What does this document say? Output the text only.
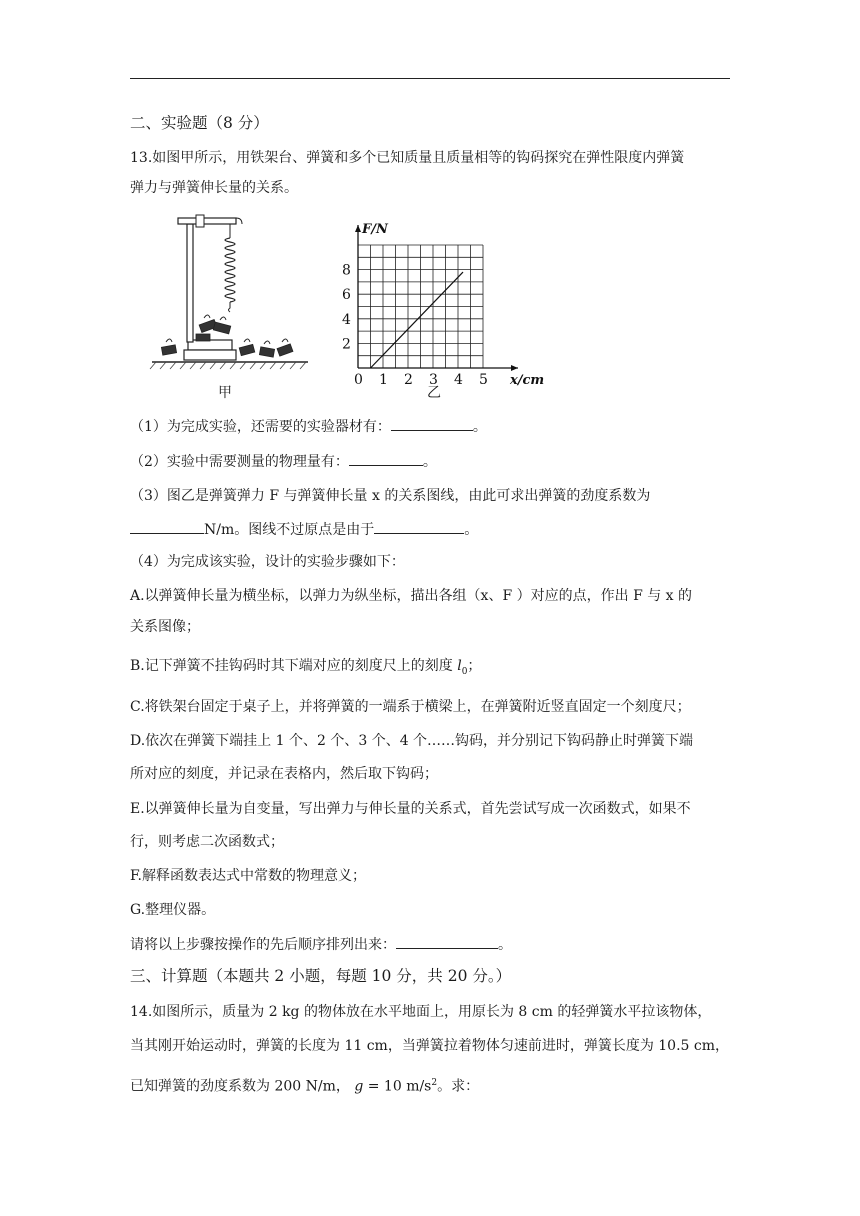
二、实验题（8 分）
13.如图甲所示，用铁架台、弹簧和多个已知质量且质量相等的钩码探究在弹性限度内弹簧
弹力与弹簧伸长量的关系。
甲
0 1 2 3 4 5
2
4
6
8
x/cm
F/N
乙
（1）为完成实验，还需要的实验器材有：	。
（2）实验中需要测量的物理量有：	。
（3）图乙是弹簧弹力 F 与弹簧伸长量 x 的关系图线，由此可求出弹簧的劲度系数为
N/m。图线不过原点是由于	。
（4）为完成该实验，设计的实验步骤如下：
A.以弹簧伸长量为横坐标，以弹力为纵坐标，描出各组（x、F ）对应的点，作出 F 与 x 的
关系图像；
B.记下弹簧不挂钩码时其下端对应的刻度尺上的刻度 $l_0$；
C.将铁架台固定于桌子上，并将弹簧的一端系于横梁上，在弹簧附近竖直固定一个刻度尺；
D.依次在弹簧下端挂上 1 个、2 个、3 个、4 个……钩码，并分别记下钩码静止时弹簧下端
所对应的刻度，并记录在表格内，然后取下钩码；
E.以弹簧伸长量为自变量，写出弹力与伸长量的关系式，首先尝试写成一次函数式，如果不
行，则考虑二次函数式；
F.解释函数表达式中常数的物理意义；
G.整理仪器。
请将以上步骤按操作的先后顺序排列出来：	。
三、计算题（本题共 2 小题，每题 10 分，共 20 分。）
14.如图所示，质量为 2 kg 的物体放在水平地面上，用原长为 8 cm 的轻弹簧水平拉该物体，
当其刚开始运动时，弹簧的长度为 11 cm，当弹簧拉着物体匀速前进时，弹簧长度为 10.5 cm，
已知弹簧的劲度系数为 200 N/m， g = 10 $m/s^2$。求：
